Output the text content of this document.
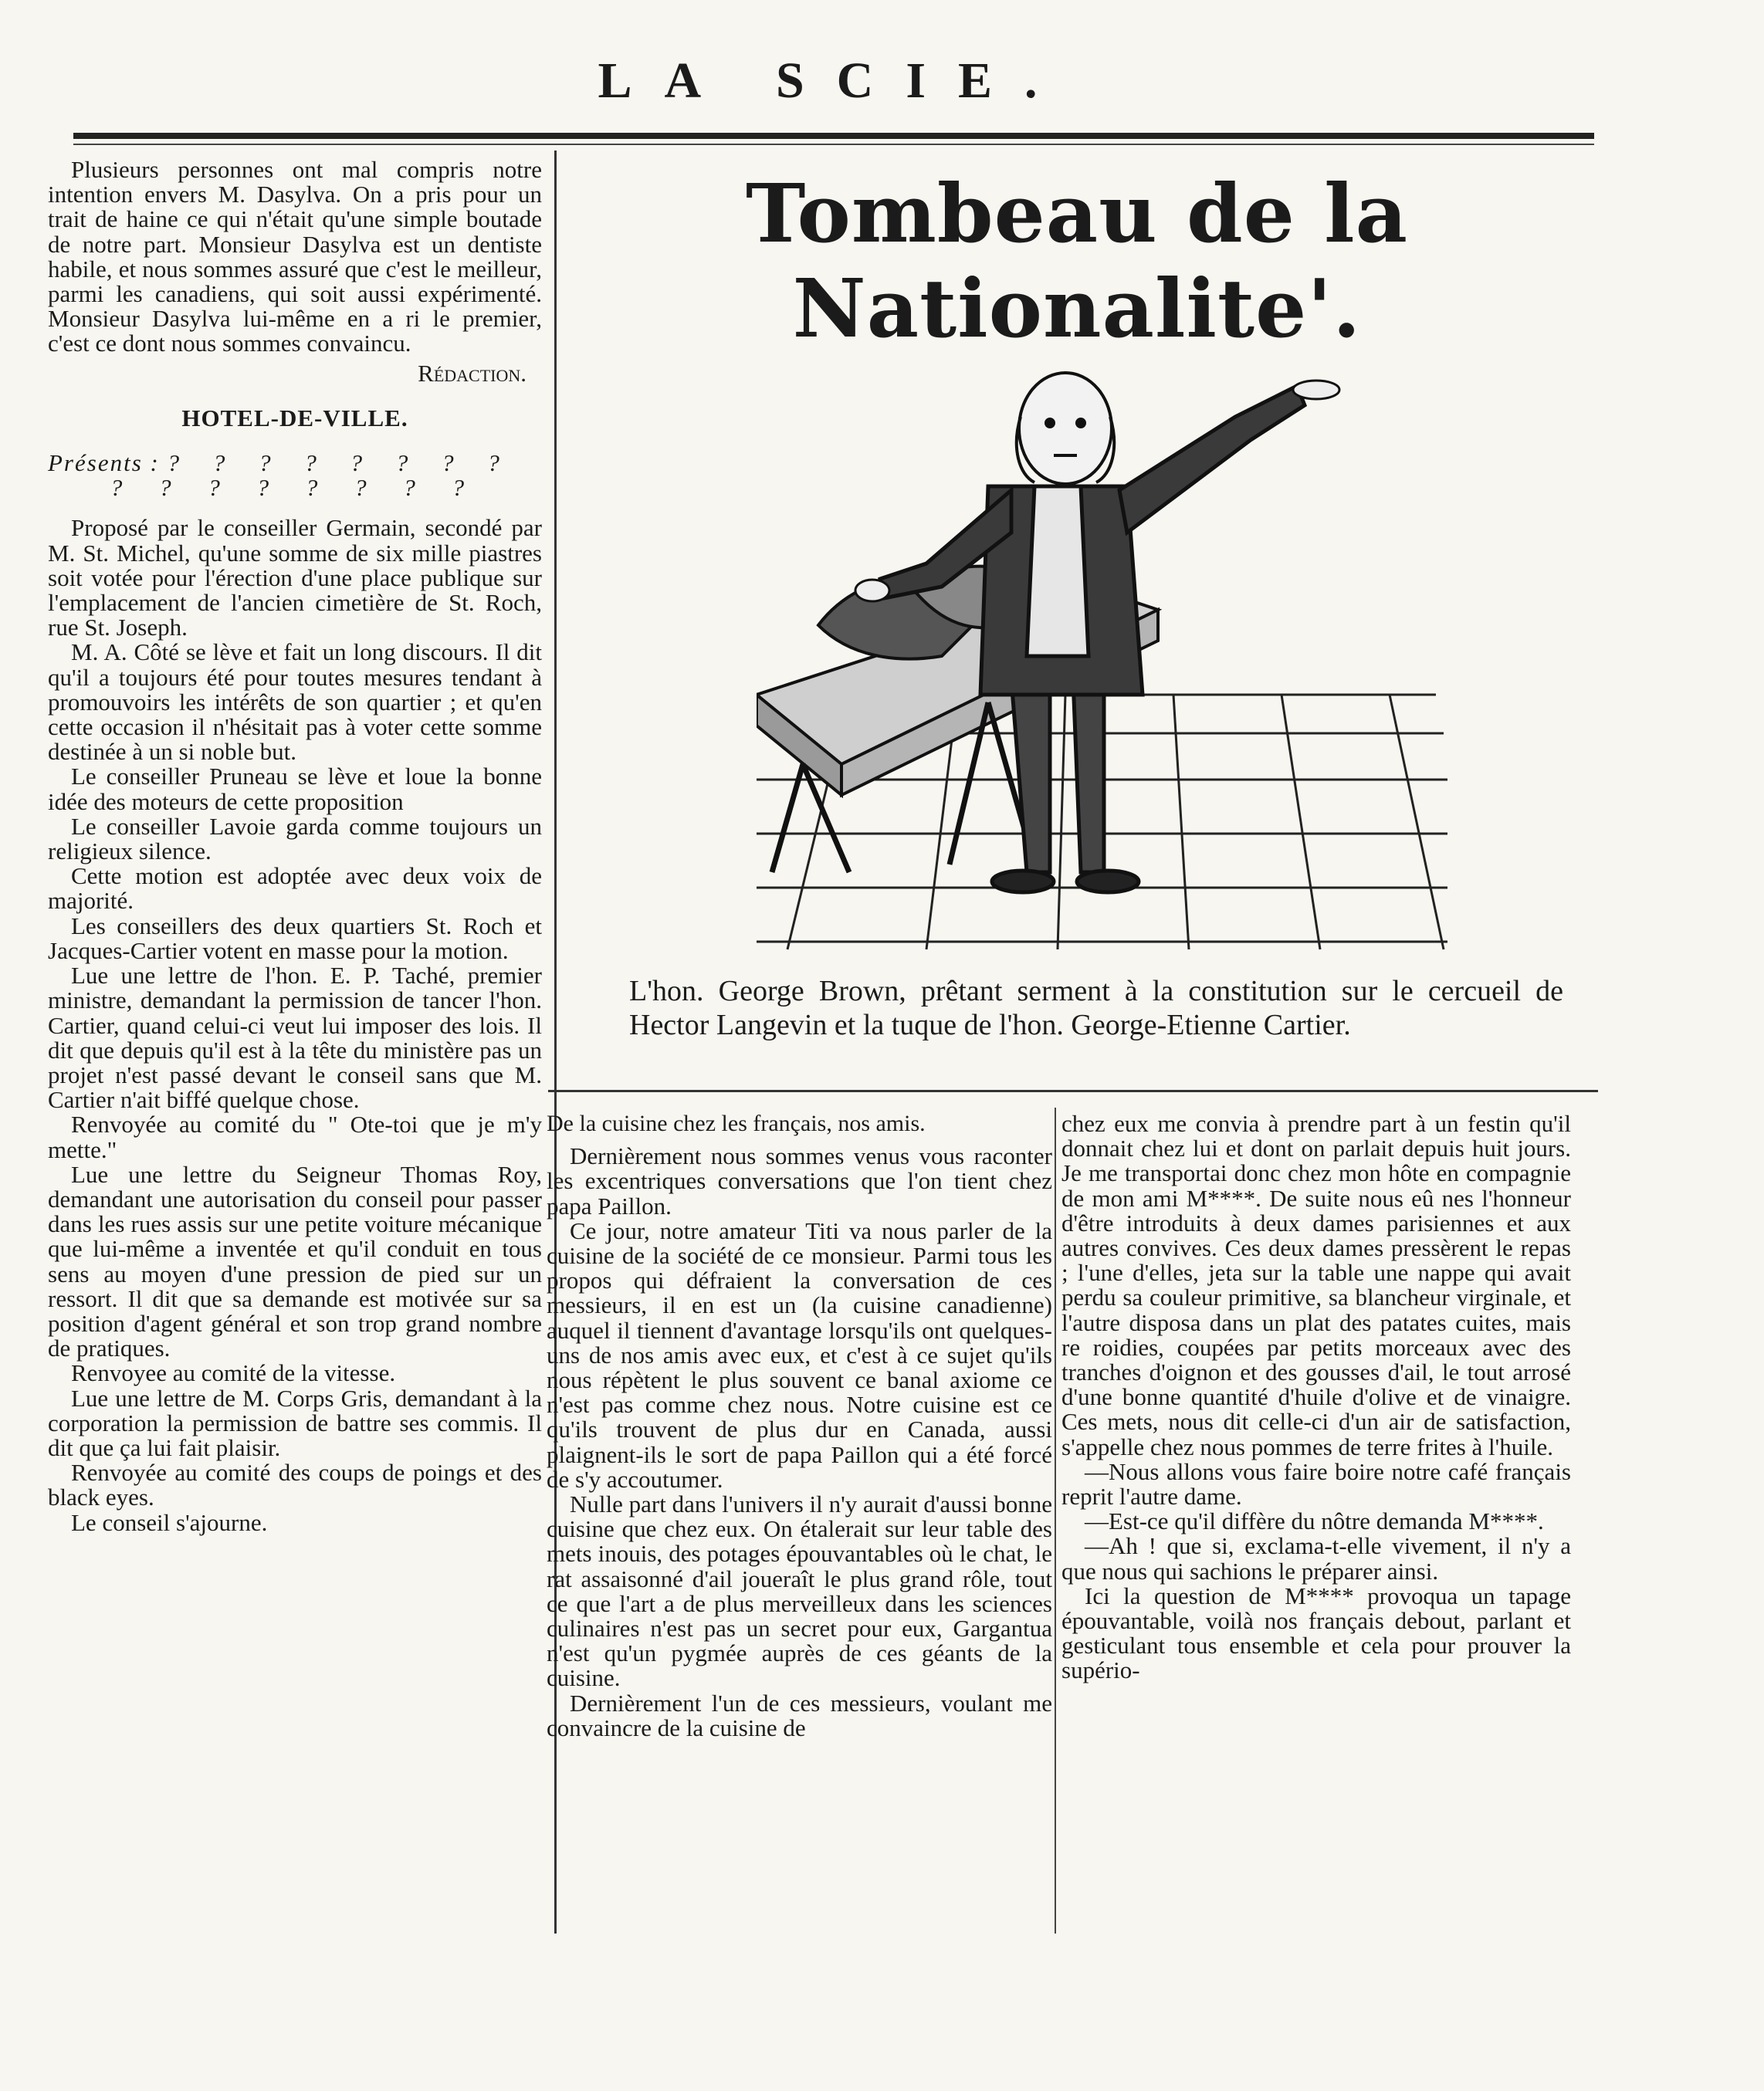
LA SCIE.

Plusieurs personnes ont mal compris notre intention envers M. Dasylva. On a pris pour un trait de haine ce qui n'était qu'une simple boutade de notre part. Monsieur Dasylva est un dentiste habile, et nous sommes assuré que c'est le meilleur, parmi les canadiens, qui soit aussi expérimenté. Monsieur Dasylva lui-même en a ri le premier, c'est ce dont nous sommes convaincu.

Rédaction.
HOTEL-DE-VILLE.
Présents : ? ? ? ? ? ? ? ?
? ? ? ? ? ? ? ?

Proposé par le conseiller Germain, secondé par M. St. Michel, qu'une somme de six mille piastres soit votée pour l'érection d'une place publique sur l'emplacement de l'ancien cimetière de St. Roch, rue St. Joseph.

M. A. Côté se lève et fait un long discours. Il dit qu'il a toujours été pour toutes mesures tendant à promouvoirs les intérêts de son quartier ; et qu'en cette occasion il n'hésitait pas à voter cette somme destinée à un si noble but.

Le conseiller Pruneau se lève et loue la bonne idée des moteurs de cette proposition

Le conseiller Lavoie garda comme toujours un religieux silence.

Cette motion est adoptée avec deux voix de majorité.

Les conseillers des deux quartiers St. Roch et Jacques-Cartier votent en masse pour la motion.

Lue une lettre de l'hon. E. P. Taché, premier ministre, demandant la permission de tancer l'hon. Cartier, quand celui-ci veut lui imposer des lois. Il dit que depuis qu'il est à la tête du ministère pas un projet n'est passé devant le conseil sans que M. Cartier n'ait biffé quelque chose.

Renvoyée au comité du " Ote-toi que je m'y mette."

Lue une lettre du Seigneur Thomas Roy, demandant une autorisation du conseil pour passer dans les rues assis sur une petite voiture mécanique que lui-même a inventée et qu'il conduit en tous sens au moyen d'une pression de pied sur un ressort. Il dit que sa demande est motivée sur sa position d'agent général et son trop grand nombre de pratiques.

Renvoyee au comité de la vitesse.

Lue une lettre de M. Corps Gris, demandant à la corporation la permission de battre ses commis. Il dit que ça lui fait plaisir.

Renvoyée au comité des coups de poings et des black eyes.

Le conseil s'ajourne.

Tombeau de la Nationalite'.
L'hon. George Brown, prêtant serment à la constitution sur le cercueil de Hector Langevin et la tuque de l'hon. George-Etienne Cartier.

De la cuisine chez les français, nos amis.

Dernièrement nous sommes venus vous raconter les excentriques conversations que l'on tient chez papa Paillon.

Ce jour, notre amateur Titi va nous parler de la cuisine de la société de ce monsieur. Parmi tous les propos qui défraient la conversation de ces messieurs, il en est un (la cuisine canadienne) auquel il tiennent d'avantage lorsqu'ils ont quelques-uns de nos amis avec eux, et c'est à ce sujet qu'ils nous répètent le plus souvent ce banal axiome ce n'est pas comme chez nous. Notre cuisine est ce qu'ils trouvent de plus dur en Canada, aussi plaignent-ils le sort de papa Paillon qui a été forcé de s'y accoutumer.

Nulle part dans l'univers il n'y aurait d'aussi bonne cuisine que chez eux. On étalerait sur leur table des mets inouis, des potages épouvantables où le chat, le rat assaisonné d'ail joueraît le plus grand rôle, tout ce que l'art a de plus merveilleux dans les sciences culinaires n'est pas un secret pour eux, Gargantua n'est qu'un pygmée auprès de ces géants de la cuisine.

Dernièrement l'un de ces messieurs, voulant me convaincre de la cuisine de

chez eux me convia à prendre part à un festin qu'il donnait chez lui et dont on parlait depuis huit jours. Je me transportai donc chez mon hôte en compagnie de mon ami M****. De suite nous eû nes l'honneur d'être introduits à deux dames parisiennes et aux autres convives. Ces deux dames pressèrent le repas ; l'une d'elles, jeta sur la table une nappe qui avait perdu sa couleur primitive, sa blancheur virginale, et l'autre disposa dans un plat des patates cuites, mais re roidies, coupées par petits morceaux avec des tranches d'oignon et des gousses d'ail, le tout arrosé d'une bonne quantité d'huile d'olive et de vinaigre. Ces mets, nous dit celle-ci d'un air de satisfaction, s'appelle chez nous pommes de terre frites à l'huile.

—Nous allons vous faire boire notre café français reprit l'autre dame.

—Est-ce qu'il diffère du nôtre demanda M****.

—Ah ! que si, exclama-t-elle vivement, il n'y a que nous qui sachions le préparer ainsi.

Ici la question de M**** provoqua un tapage épouvantable, voilà nos français debout, parlant et gesticulant tous ensemble et cela pour prouver la supério-
